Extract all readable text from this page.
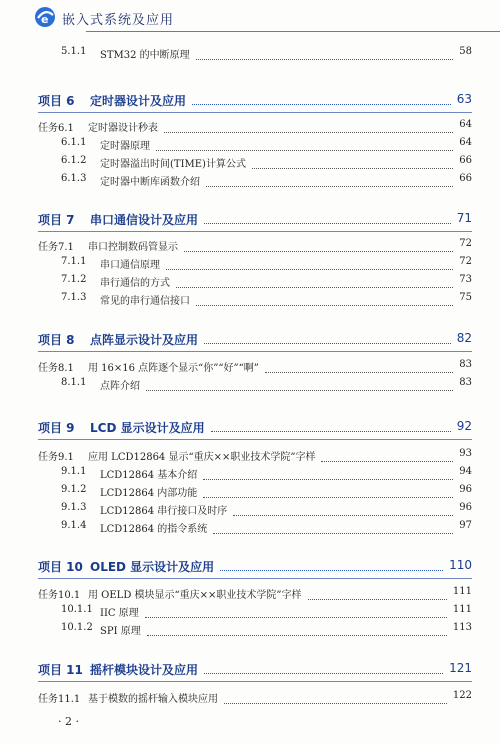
e 嵌入式系统及应用
5.1.1 STM32 的中断原理	58
项目 6 定时器设计及应用	63
任务6.1 定时器设计秒表	64
6.1.1 定时器原理	64
6.1.2 定时器溢出时间(TIME)计算公式	66
6.1.3 定时器中断库函数介绍	66
项目 7 串口通信设计及应用	71
任务7.1 串口控制数码管显示	72
7.1.1 串口通信原理	72
7.1.2 串行通信的方式	73
7.1.3 常见的串行通信接口	75
项目 8 点阵显示设计及应用	82
任务8.1 用 16×16 点阵逐个显示“你”“好”“啊”	83
8.1.1 点阵介绍	83
项目 9 LCD 显示设计及应用	92
任务9.1 应用 LCD12864 显示“重庆××职业技术学院”字样	93
9.1.1 LCD12864 基本介绍	94
9.1.2 LCD12864 内部功能	96
9.1.3 LCD12864 串行接口及时序	96
9.1.4 LCD12864 的指令系统	97
项目 10 OLED 显示设计及应用	110
任务10.1 用 OELD 模块显示“重庆××职业技术学院”字样	111
10.1.1 IIC 原理	111
10.1.2 SPI 原理	113
项目 11 摇杆模块设计及应用	121
任务11.1 基于模数的摇杆输入模块应用	122
· 2 ·
